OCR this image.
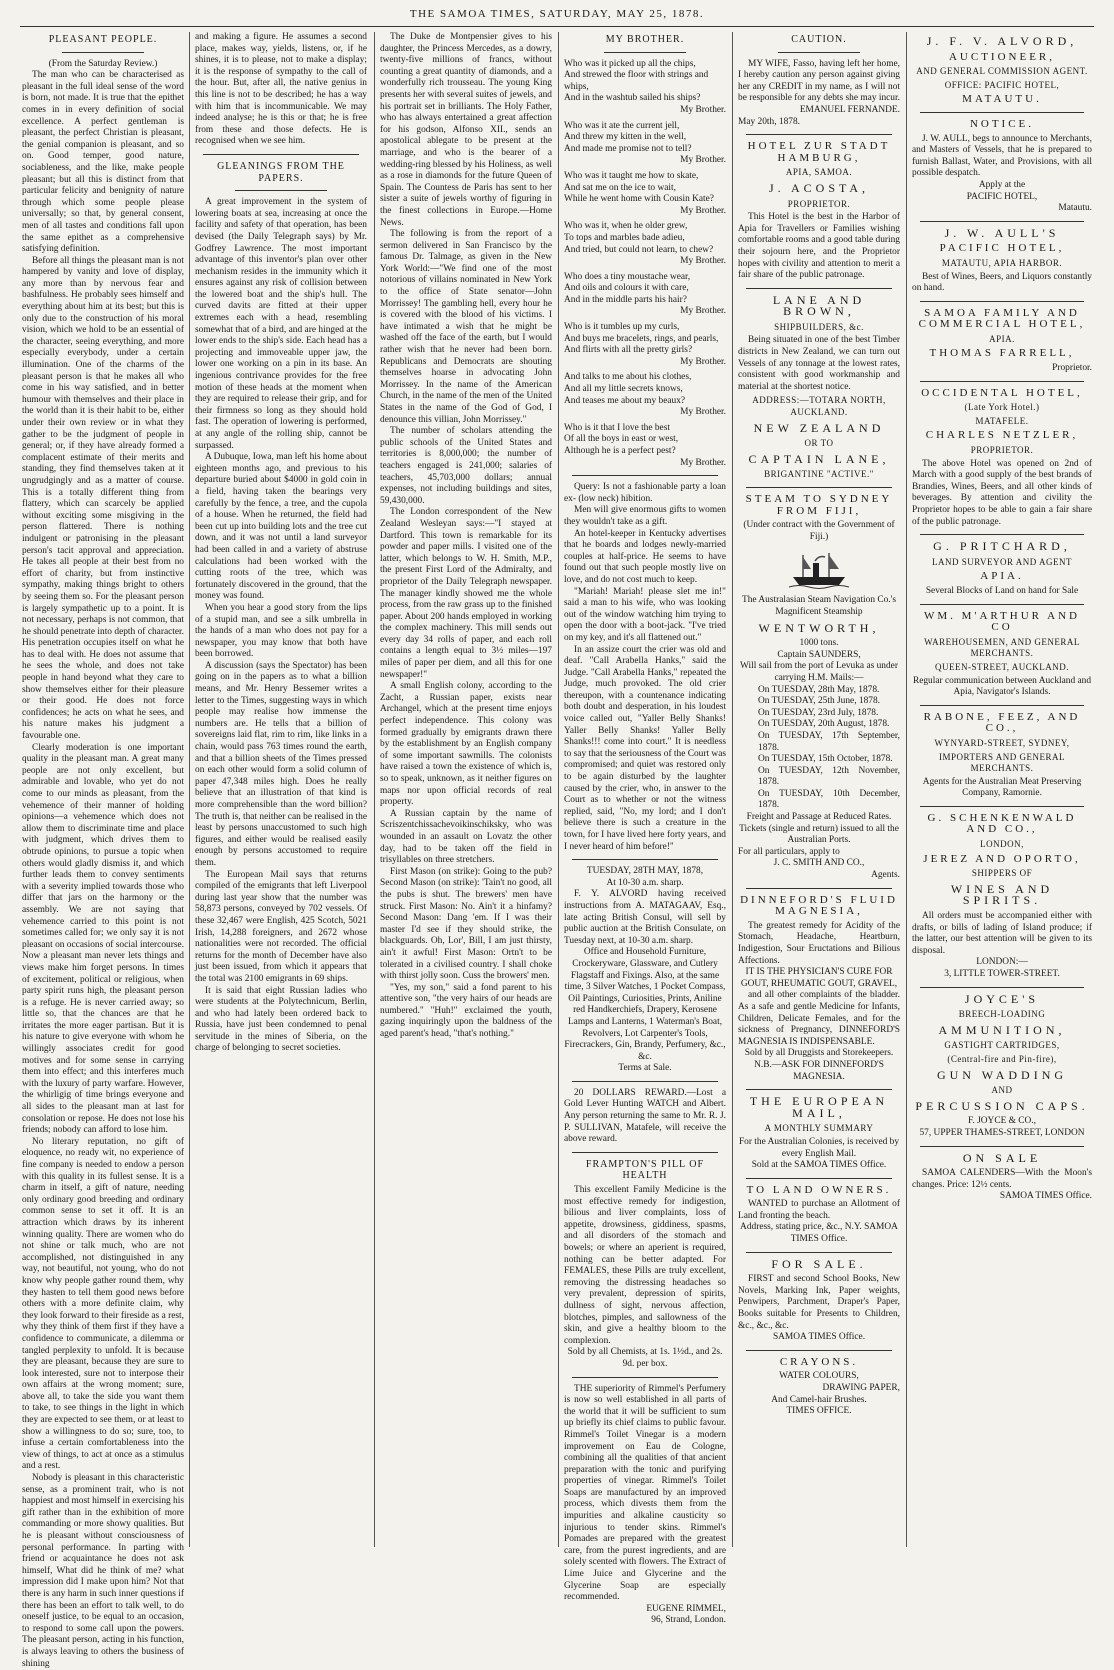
THE SAMOA TIMES, SATURDAY, MAY 25, 1878.
PLEASANT PEOPLE.

(From the Saturday Review.)

The man who can be characterised as pleasant in the full ideal sense of the word is born, not made. It is true that the epithet comes in in every definition of social excellence. A perfect gentleman is pleasant, the perfect Christian is pleasant, the genial companion is pleasant, and so on. Good temper, good nature, sociableness, and the like, make people pleasant; but all this is distinct from that particular felicity and benignity of nature through which some people please universally; so that, by general consent, men of all tastes and conditions fall upon the same epithet as a comprehensive satisfying definition.

Before all things the pleasant man is not hampered by vanity and love of display, any more than by nervous fear and bashfulness. He probably sees himself and everything about him at its best; but this is only due to the construction of his moral vision, which we hold to be an essential of the character, seeing everything, and more especially everybody, under a certain illumination. One of the charms of the pleasant person is that he makes all who come in his way satisfied, and in better humour with themselves and their place in the world than it is their habit to be, either under their own review or in what they gather to be the judgment of people in general; or, if they have already formed a complacent estimate of their merits and standing, they find themselves taken at it ungrudgingly and as a matter of course. This is a totally different thing from flattery, which can scarcely be applied without exciting some misgiving in the person flattered. There is nothing indulgent or patronising in the pleasant person's tacit approval and appreciation. He takes all people at their best from no effort of charity, but from instinctive sympathy, making things bright to others by seeing them so. For the pleasant person is largely sympathetic up to a point. It is not necessary, perhaps is not common, that he should penetrate into depth of character. His penetration occupies itself on what he has to deal with. He does not assume that he sees the whole, and does not take people in hand beyond what they care to show themselves either for their pleasure or their good. He does not force confidences; he acts on what he sees, and his nature makes his judgment a favourable one.

Clearly moderation is one important quality in the pleasant man. A great many people are not only excellent, but admirable and lovable, who yet do not come to our minds as pleasant, from the vehemence of their manner of holding opinions—a vehemence which does not allow them to discriminate time and place with judgment, which drives them to obtrude opinions, to pursue a topic when others would gladly dismiss it, and which further leads them to convey sentiments with a severity implied towards those who differ that jars on the harmony or the assembly. We are not saying that vehemence carried to this point is not sometimes called for; we only say it is not pleasant on occasions of social intercourse. Now a pleasant man never lets things and views make him forget persons. In times of excitement, political or religious, when party spirit runs high, the pleasant person is a refuge. He is never carried away; so little so, that the chances are that he irritates the more eager partisan. But it is his nature to give everyone with whom he willingly associates credit for good motives and for some sense in carrying them into effect; and this interferes much with the luxury of party warfare. However, the whirligig of time brings everyone and all sides to the pleasant man at last for consolation or repose. He does not lose his friends; nobody can afford to lose him.

No literary reputation, no gift of eloquence, no ready wit, no experience of fine company is needed to endow a person with this quality in its fullest sense. It is a charm in itself, a gift of nature, needing only ordinary good breeding and ordinary common sense to set it off. It is an attraction which draws by its inherent winning quality. There are women who do not shine or talk much, who are not accomplished, not distinguished in any way, not beautiful, not young, who do not know why people gather round them, why they hasten to tell them good news before others with a more definite claim, why they look forward to their fireside as a rest, why they think of them first if they have a confidence to communicate, a dilemma or tangled perplexity to unfold. It is because they are pleasant, because they are sure to look interested, sure not to interpose their own affairs at the wrong moment; sure, above all, to take the side you want them to take, to see things in the light in which they are expected to see them, or at least to show a willingness to do so; sure, too, to infuse a certain comfortableness into the view of things, to act at once as a stimulus and a rest.

Nobody is pleasant in this characteristic sense, as a prominent trait, who is not happiest and most himself in exercising his gift rather than in the exhibition of more commanding or more showy qualities. But he is pleasant without consciousness of personal performance. In parting with friend or acquaintance he does not ask himself, What did he think of me? what impression did I make upon him? Not that there is any harm in such inner questions if there has been an effort to talk well, to do oneself justice, to be equal to an occasion, to respond to some call upon the powers. The pleasant person, acting in his function, is always leaving to others the business of shining

and making a figure. He assumes a second place, makes way, yields, listens, or, if he shines, it is to please, not to make a display; it is the response of sympathy to the call of the hour. But, after all, the native genius in this line is not to be described; he has a way with him that is incommunicable. We may indeed analyse; he is this or that; he is free from these and those defects. He is recognised when we see him.

GLEANINGS FROM THE PAPERS.

A great improvement in the system of lowering boats at sea, increasing at once the facility and safety of that operation, has been devised (the Daily Telegraph says) by Mr. Godfrey Lawrence. The most important advantage of this inventor's plan over other mechanism resides in the immunity which it ensures against any risk of collision between the lowered boat and the ship's hull. The curved davits are fitted at their upper extremes each with a head, resembling somewhat that of a bird, and are hinged at the lower ends to the ship's side. Each head has a projecting and immoveable upper jaw, the lower one working on a pin in its base. An ingenious contrivance provides for the free motion of these heads at the moment when they are required to release their grip, and for their firmness so long as they should hold fast. The operation of lowering is performed, at any angle of the rolling ship, cannot be surpassed.

A Dubuque, Iowa, man left his home about eighteen months ago, and previous to his departure buried about $4000 in gold coin in a field, having taken the bearings very carefully by the fence, a tree, and the cupola of a house. When he returned, the field had been cut up into building lots and the tree cut down, and it was not until a land surveyor had been called in and a variety of abstruse calculations had been worked with the cutting roots of the tree, which was fortunately discovered in the ground, that the money was found.

When you hear a good story from the lips of a stupid man, and see a silk umbrella in the hands of a man who does not pay for a newspaper, you may know that both have been borrowed.

A discussion (says the Spectator) has been going on in the papers as to what a billion means, and Mr. Henry Bessemer writes a letter to the Times, suggesting ways in which people may realise how immense the numbers are. He tells that a billion of sovereigns laid flat, rim to rim, like links in a chain, would pass 763 times round the earth, and that a billion sheets of the Times pressed on each other would form a solid column of paper 47,348 miles high. Does he really believe that an illustration of that kind is more comprehensible than the word billion? The truth is, that neither can be realised in the least by persons unaccustomed to such high figures, and either would be realised easily enough by persons accustomed to require them.

The European Mail says that returns compiled of the emigrants that left Liverpool during last year show that the number was 58,873 persons, conveyed by 702 vessels. Of these 32,467 were English, 425 Scotch, 5021 Irish, 14,288 foreigners, and 2672 whose nationalities were not recorded. The official returns for the month of December have also just been issued, from which it appears that the total was 2100 emigrants in 69 ships.

It is said that eight Russian ladies who were students at the Polytechnicum, Berlin, and who had lately been ordered back to Russia, have just been condemned to penal servitude in the mines of Siberia, on the charge of belonging to secret societies.

The Duke de Montpensier gives to his daughter, the Princess Mercedes, as a dowry, twenty-five millions of francs, without counting a great quantity of diamonds, and a wonderfully rich trousseau. The young King presents her with several suites of jewels, and his portrait set in brilliants. The Holy Father, who has always entertained a great affection for his godson, Alfonso XII., sends an apostolical ablegate to be present at the marriage, and who is the bearer of a wedding-ring blessed by his Holiness, as well as a rose in diamonds for the future Queen of Spain. The Countess de Paris has sent to her sister a suite of jewels worthy of figuring in the finest collections in Europe.—Home News.

The following is from the report of a sermon delivered in San Francisco by the famous Dr. Talmage, as given in the New York World:—"We find one of the most notorious of villains nominated in New York to the office of State senator—John Morrissey! The gambling hell, every hour he is covered with the blood of his victims. I have intimated a wish that he might be washed off the face of the earth, but I would rather wish that he never had been born. Republicans and Democrats are shouting themselves hoarse in advocating John Morrissey. In the name of the American Church, in the name of the men of the United States in the name of the God of God, I denounce this villian, John Morrissey."

The number of scholars attending the public schools of the United States and territories is 8,000,000; the number of teachers engaged is 241,000; salaries of teachers, 45,703,000 dollars; annual expenses, not including buildings and sites, 59,430,000.

The London correspondent of the New Zealand Wesleyan says:—"I stayed at Dartford. This town is remarkable for its powder and paper mills. I visited one of the latter, which belongs to W. H. Smith, M.P., the present First Lord of the Admiralty, and proprietor of the Daily Telegraph newspaper. The manager kindly showed me the whole process, from the raw grass up to the finished paper. About 200 hands employed in working the complex machinery. This mill sends out every day 34 rolls of paper, and each roll contains a length equal to 3½ miles—197 miles of paper per diem, and all this for one newspaper!"

A small English colony, according to the Zacht, a Russian paper, exists near Archangel, which at the present time enjoys perfect independence. This colony was formed gradually by emigrants drawn there by the establishment by an English company of some important sawmills. The colonists have raised a town the existence of which is, so to speak, unknown, as it neither figures on maps nor upon official records of real property.

A Russian captain by the name of Scriszentchissachevoikinschiksky, who was wounded in an assault on Lovatz the other day, had to be taken off the field in trisyllables on three stretchers.

First Mason (on strike): Going to the pub? Second Mason (on strike): 'Tain't no good, all the pubs is shut. The brewers' men have struck. First Mason: No. Ain't it a hinfamy? Second Mason: Dang 'em. If I was their master I'd see if they should strike, the blackguards. Oh, Lor', Bill, I am just thirsty, ain't it awful! First Mason: Ortn't to be tolerated in a civilised country. I shall choke with thirst jolly soon. Cuss the browers' men.

"Yes, my son," said a fond parent to his attentive son, "the very hairs of our heads are numbered." "Huh!" exclaimed the youth, gazing inquiringly upon the baldness of the aged parent's head, "that's nothing."

MY BROTHER.

Who was it picked up all the chips,

And strewed the floor with strings and whips,

And in the washtub sailed his ships?

My Brother.

Who was it ate the current jell,

And threw my kitten in the well,

And made me promise not to tell?

My Brother.

Who was it taught me how to skate,

And sat me on the ice to wait,

While he went home with Cousin Kate?

My Brother.

Who was it, when he older grew,

To tops and marbles bade adieu,

And tried, but could not learn, to chew?

My Brother.

Who does a tiny moustache wear,

And oils and colours it with care,

And in the middle parts his hair?

My Brother.

Who is it tumbles up my curls,

And buys me bracelets, rings, and pearls,

And flirts with all the pretty girls?

My Brother.

And talks to me about his clothes,

And all my little secrets knows,

And teases me about my beaux?

My Brother.

Who is it that I love the best

Of all the boys in east or west,

Although he is a perfect pest?

My Brother.

Query: Is not a fashionable party a loan ex- (low neck) hibition.

Men will give enormous gifts to women they wouldn't take as a gift.

An hotel-keeper in Kentucky advertises that he boards and lodges newly-married couples at half-price. He seems to have found out that such people mostly live on love, and do not cost much to keep.

"Mariah! Mariah! please slet me in!" said a man to his wife, who was looking out of the window watching him trying to open the door with a boot-jack. "I've tried on my key, and it's all flattened out."

In an assize court the crier was old and deaf. "Call Arabella Hanks," said the Judge. "Call Arabella Hanks," repeated the Judge, much provoked. The old crier thereupon, with a countenance indicating both doubt and desperation, in his loudest voice called out, "Yaller Belly Shanks! Yaller Belly Shanks! Yaller Belly Shanks!!! come into court." It is needless to say that the seriousness of the Court was compromised; and quiet was restored only to be again disturbed by the laughter caused by the crier, who, in answer to the Court as to whether or not the witness replied, said, "No, my lord; and I don't believe there is such a creature in the town, for I have lived here forty years, and I never heard of him before!"

TUESDAY, 28TH MAY, 1878,

At 10-30 a.m. sharp.

F. Y. ALVORD having received instructions from A. MATAGAAV, Esq., late acting British Consul, will sell by public auction at the British Consulate, on Tuesday next, at 10-30 a.m. sharp.

Office and Household Furniture, Crockeryware, Glassware, and Cutlery Flagstaff and Fixings. Also, at the same time, 3 Silver Watches, 1 Pocket Compass, Oil Paintings, Curiosities, Prints, Aniline red Handkerchiefs, Drapery, Kerosene Lamps and Lanterns, 1 Waterman's Boat, Revolvers, Lot Carpenter's Tools, Firecrackers, Gin, Brandy, Perfumery, &c., &c.

Terms at Sale.

20 DOLLARS REWARD.—Lost a Gold Lever Hunting WATCH and Albert. Any person returning the same to Mr. R. J. P. SULLIVAN, Matafele, will receive the above reward.

FRAMPTON'S PILL OF HEALTH

This excellent Family Medicine is the most effective remedy for indigestion, bilious and liver complaints, loss of appetite, drowsiness, giddiness, spasms, and all disorders of the stomach and bowels; or where an aperient is required, nothing can be better adapted. For FEMALES, these Pills are truly excellent, removing the distressing headaches so very prevalent, depression of spirits, dullness of sight, nervous affection, blotches, pimples, and sallowness of the skin, and give a healthy bloom to the complexion.

Sold by all Chemists, at 1s. 1½d., and 2s. 9d. per box.

THE superiority of Rimmel's Perfumery is now so well established in all parts of the world that it will be sufficient to sum up briefly its chief claims to public favour. Rimmel's Toilet Vinegar is a modern improvement on Eau de Cologne, combining all the qualities of that ancient preparation with the tonic and purifying properties of vinegar. Rimmel's Toilet Soaps are manufactured by an improved process, which divests them from the impurities and alkaline causticity so injurious to tender skins. Rimmel's Pomades are prepared with the greatest care, from the purest ingredients, and are solely scented with flowers. The Extract of Lime Juice and Glycerine and the Glycerine Soap are especially recommended.

EUGENE RIMMEL,

96, Strand, London.

CAUTION.

MY WIFE, Fasso, having left her home, I hereby caution any person against giving her any CREDIT in my name, as I will not be responsible for any debts she may incur.

EMANUEL FERNANDE.

May 20th, 1878.

HOTEL ZUR STADT HAMBURG,
APIA, SAMOA.
J. ACOSTA,
PROPRIETOR.

This Hotel is the best in the Harbor of Apia for Travellers or Families wishing comfortable rooms and a good table during their sojourn here, and the Proprietor hopes with civility and attention to merit a fair share of the public patronage.

LANE AND BROWN,
SHIPBUILDERS, &c.

Being situated in one of the best Timber districts in New Zealand, we can turn out Vessels of any tonnage at the lowest rates, consistent with good workmanship and material at the shortest notice.

ADDRESS:—TOTARA NORTH, AUCKLAND.
NEW ZEALAND
OR TO
CAPTAIN LANE,
BRIGANTINE "ACTIVE."
STEAM TO SYDNEY FROM FIJI,

(Under contract with the Government of Fiji.)

The Australasian Steam Navigation Co.'s Magnificent Steamship

WENTWORTH,

1000 tons.

Captain SAUNDERS,

Will sail from the port of Levuka as under carrying H.M. Mails:—

On TUESDAY, 28th May, 1878.

On TUESDAY, 25th June, 1878.

On TUESDAY, 23rd July, 1878.

On TUESDAY, 20th August, 1878.

On TUESDAY, 17th September, 1878.

On TUESDAY, 15th October, 1878.

On TUESDAY, 12th November, 1878.

On TUESDAY, 10th December, 1878.

Freight and Passage at Reduced Rates.

Tickets (single and return) issued to all the Australian Ports.

For all particulars, apply to

J. C. SMITH AND CO.,

Agents.

DINNEFORD'S FLUID MAGNESIA,

The greatest remedy for Acidity of the Stomach, Headache, Heartburn, Indigestion, Sour Eructations and Bilious Affections.

IT IS THE PHYSICIAN'S CURE FOR GOUT, RHEUMATIC GOUT, GRAVEL,

and all other complaints of the bladder. As a safe and gentle Medicine for Infants, Children, Delicate Females, and for the sickness of Pregnancy, DINNEFORD'S MAGNESIA IS INDISPENSABLE.

Sold by all Druggists and Storekeepers.

N.B.—ASK FOR DINNEFORD'S MAGNESIA.

THE EUROPEAN MAIL,
A MONTHLY SUMMARY

For the Australian Colonies, is received by every English Mail.

Sold at the SAMOA TIMES Office.

TO LAND OWNERS.

WANTED to purchase an Allotment of Land fronting the beach.

Address, stating price, &c., N.Y. SAMOA TIMES Office.

FOR SALE.

FIRST and second School Books, New Novels, Marking Ink, Paper weights, Penwipers, Parchment, Draper's Paper, Books suitable for Presents to Children, &c., &c., &c.

SAMOA TIMES Office.

CRAYONS.

WATER COLOURS,

DRAWING PAPER,

And Camel-hair Brushes.

TIMES OFFICE.

J. F. V. ALVORD,
AUCTIONEER,
AND GENERAL COMMISSION AGENT.
OFFICE: PACIFIC HOTEL,
MATAUTU.
NOTICE.

J. W. AULL, begs to announce to Merchants, and Masters of Vessels, that he is prepared to furnish Ballast, Water, and Provisions, with all possible despatch.

Apply at the

PACIFIC HOTEL,

Matautu.

J. W. AULL'S
PACIFIC HOTEL,
MATAUTU, APIA HARBOR.

Best of Wines, Beers, and Liquors constantly on hand.

SAMOA FAMILY AND COMMERCIAL HOTEL,
APIA.
THOMAS FARRELL,

Proprietor.

OCCIDENTAL HOTEL,
(Late York Hotel.)
MATAFELE.
CHARLES NETZLER,
PROPRIETOR.

The above Hotel was opened on 2nd of March with a good supply of the best brands of Brandies, Wines, Beers, and all other kinds of beverages. By attention and civility the Proprietor hopes to be able to gain a fair share of the public patronage.

G. PRITCHARD,
LAND SURVEYOR AND AGENT
APIA.

Several Blocks of Land on hand for Sale

WM. M'ARTHUR AND CO
WAREHOUSEMEN, AND GENERAL MERCHANTS.
QUEEN-STREET, AUCKLAND.

Regular communication between Auckland and Apia, Navigator's Islands.

RABONE, FEEZ, AND CO.,
WYNYARD-STREET, SYDNEY,
IMPORTERS AND GENERAL MERCHANTS.

Agents for the Australian Meat Preserving Company, Ramornie.

G. SCHENKENWALD AND CO.,
LONDON,
JEREZ AND OPORTO,
SHIPPERS OF
WINES AND SPIRITS.

All orders must be accompanied either with drafts, or bills of lading of Island produce; if the latter, our best attention will be given to its disposal.

LONDON:—

3, LITTLE TOWER-STREET.

JOYCE'S
BREECH-LOADING
AMMUNITION,
GASTIGHT CARTRIDGES,
(Central-fire and Pin-fire),
GUN WADDING
AND
PERCUSSION CAPS.

F. JOYCE & CO.,

57, UPPER THAMES-STREET, LONDON

ON SALE

SAMOA CALENDERS—With the Moon's changes. Price: 12½ cents.

SAMOA TIMES Office.
